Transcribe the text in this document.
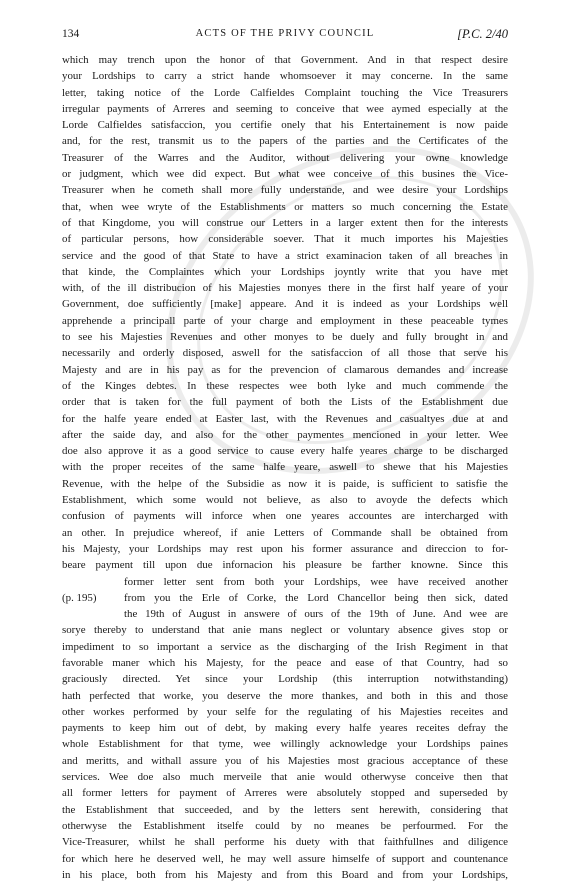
134	ACTS OF THE PRIVY COUNCIL	[P.C. 2/40
which may trench upon the honor of that Government. And in that respect desire
your Lordships to carry a strict hande whomsoever it may concerne. In the same
letter, taking notice of the Lorde Calfieldes Complaint touching the Vice Treasurers
irregular payments of Arreres and seeming to conceive that wee aymed especially at the
Lorde Calfieldes satisfaccion, you certifie onely that his Entertainement is now paide
and, for the rest, transmit us to the papers of the parties and the Certificates of the
Treasurer of the Warres and the Auditor, without delivering your owne knowledge
or judgment, which wee did expect. But what wee conceive of this busines the Vice-
Treasurer when he cometh shall more fully understande, and wee desire your Lordships
that, when wee wryte of the Establishments or matters so much concerning the Estate
of that Kingdome, you will construe our Letters in a larger extent then for the interests
of particular persons, how considerable soever. That it much importes his Majesties
service and the good of that State to have a strict examinacion taken of all breaches in
that kinde, the Complaintes which your Lordships joyntly write that you have met
with, of the ill distribucion of his Majesties monyes there in the first half yeare of your
Government, doe sufficiently [make] appeare. And it is indeed as your Lordships well
apprehende a principall parte of your charge and employment in these peaceable tymes
to see his Majesties Revenues and other monyes to be duely and fully brought in and
necessarily and orderly disposed, aswell for the satisfaccion of all those that serve his
Majesty and are in his pay as for the prevencion of clamarous demandes and increase
of the Kinges debtes. In these respectes wee both lyke and much commende the
order that is taken for the full payment of both the Lists of the Establishment due
for the halfe yeare ended at Easter last, with the Revenues and casualtyes due at and
after the saide day, and also for the other paymentes mencioned in your letter. Wee
doe also approve it as a good service to cause every halfe yeares charge to be discharged
with the proper receites of the same halfe yeare, aswell to shewe that his Majesties
Revenue, with the helpe of the Subsidie as now it is paide, is sufficient to satisfie the
Establishment, which some would not believe, as also to avoyde the defects which
confusion of payments will inforce when one yeares accountes are intercharged with
an other. In prejudice whereof, if anie Letters of Commande shall be obtained from
his Majesty, your Lordships may rest upon his former assurance and direccion to for-
beare payment till upon due infornacion his pleasure be farther knowne. Since this
former letter sent from both your Lordships, wee have received another
from you the Erle of Corke, the Lord Chancellor being then sick, dated
the 19th of August in answere of ours of the 19th of June. And wee are
sorye thereby to understand that anie mans neglect or voluntary absence gives stop or
impediment to so important a service as the discharging of the Irish Regiment in that
favorable maner which his Majesty, for the peace and ease of that Country, had so
graciously directed. Yet since your Lordship (this interruption notwithstanding)
hath perfected that worke, you deserve the more thankes, and both in this and those
other workes performed by your selfe for the regulating of his Majesties receites and
payments to keep him out of debt, by making every halfe yeares receites defray the
whole Establishment for that tyme, wee willingly acknowledge your Lordships paines
and meritts, and withall assure you of his Majesties most gracious acceptance of these
services. Wee doe also much merveile that anie would otherwyse conceive then that
all former letters for payment of Arreres were absolutely stopped and superseded by
the Establishment that succeeded, and by the letters sent herewith, considering that
otherwyse the Establishment itselfe could by no meanes be perfourmed. For the
Vice-Treasurer, whilst he shall performe his duety with that faithfullnes and diligence
for which here he deserved well, he may well assure himselfe of support and countenance
in his place, both from his Majesty and from this Board and from your Lordships,
(p. 195)
